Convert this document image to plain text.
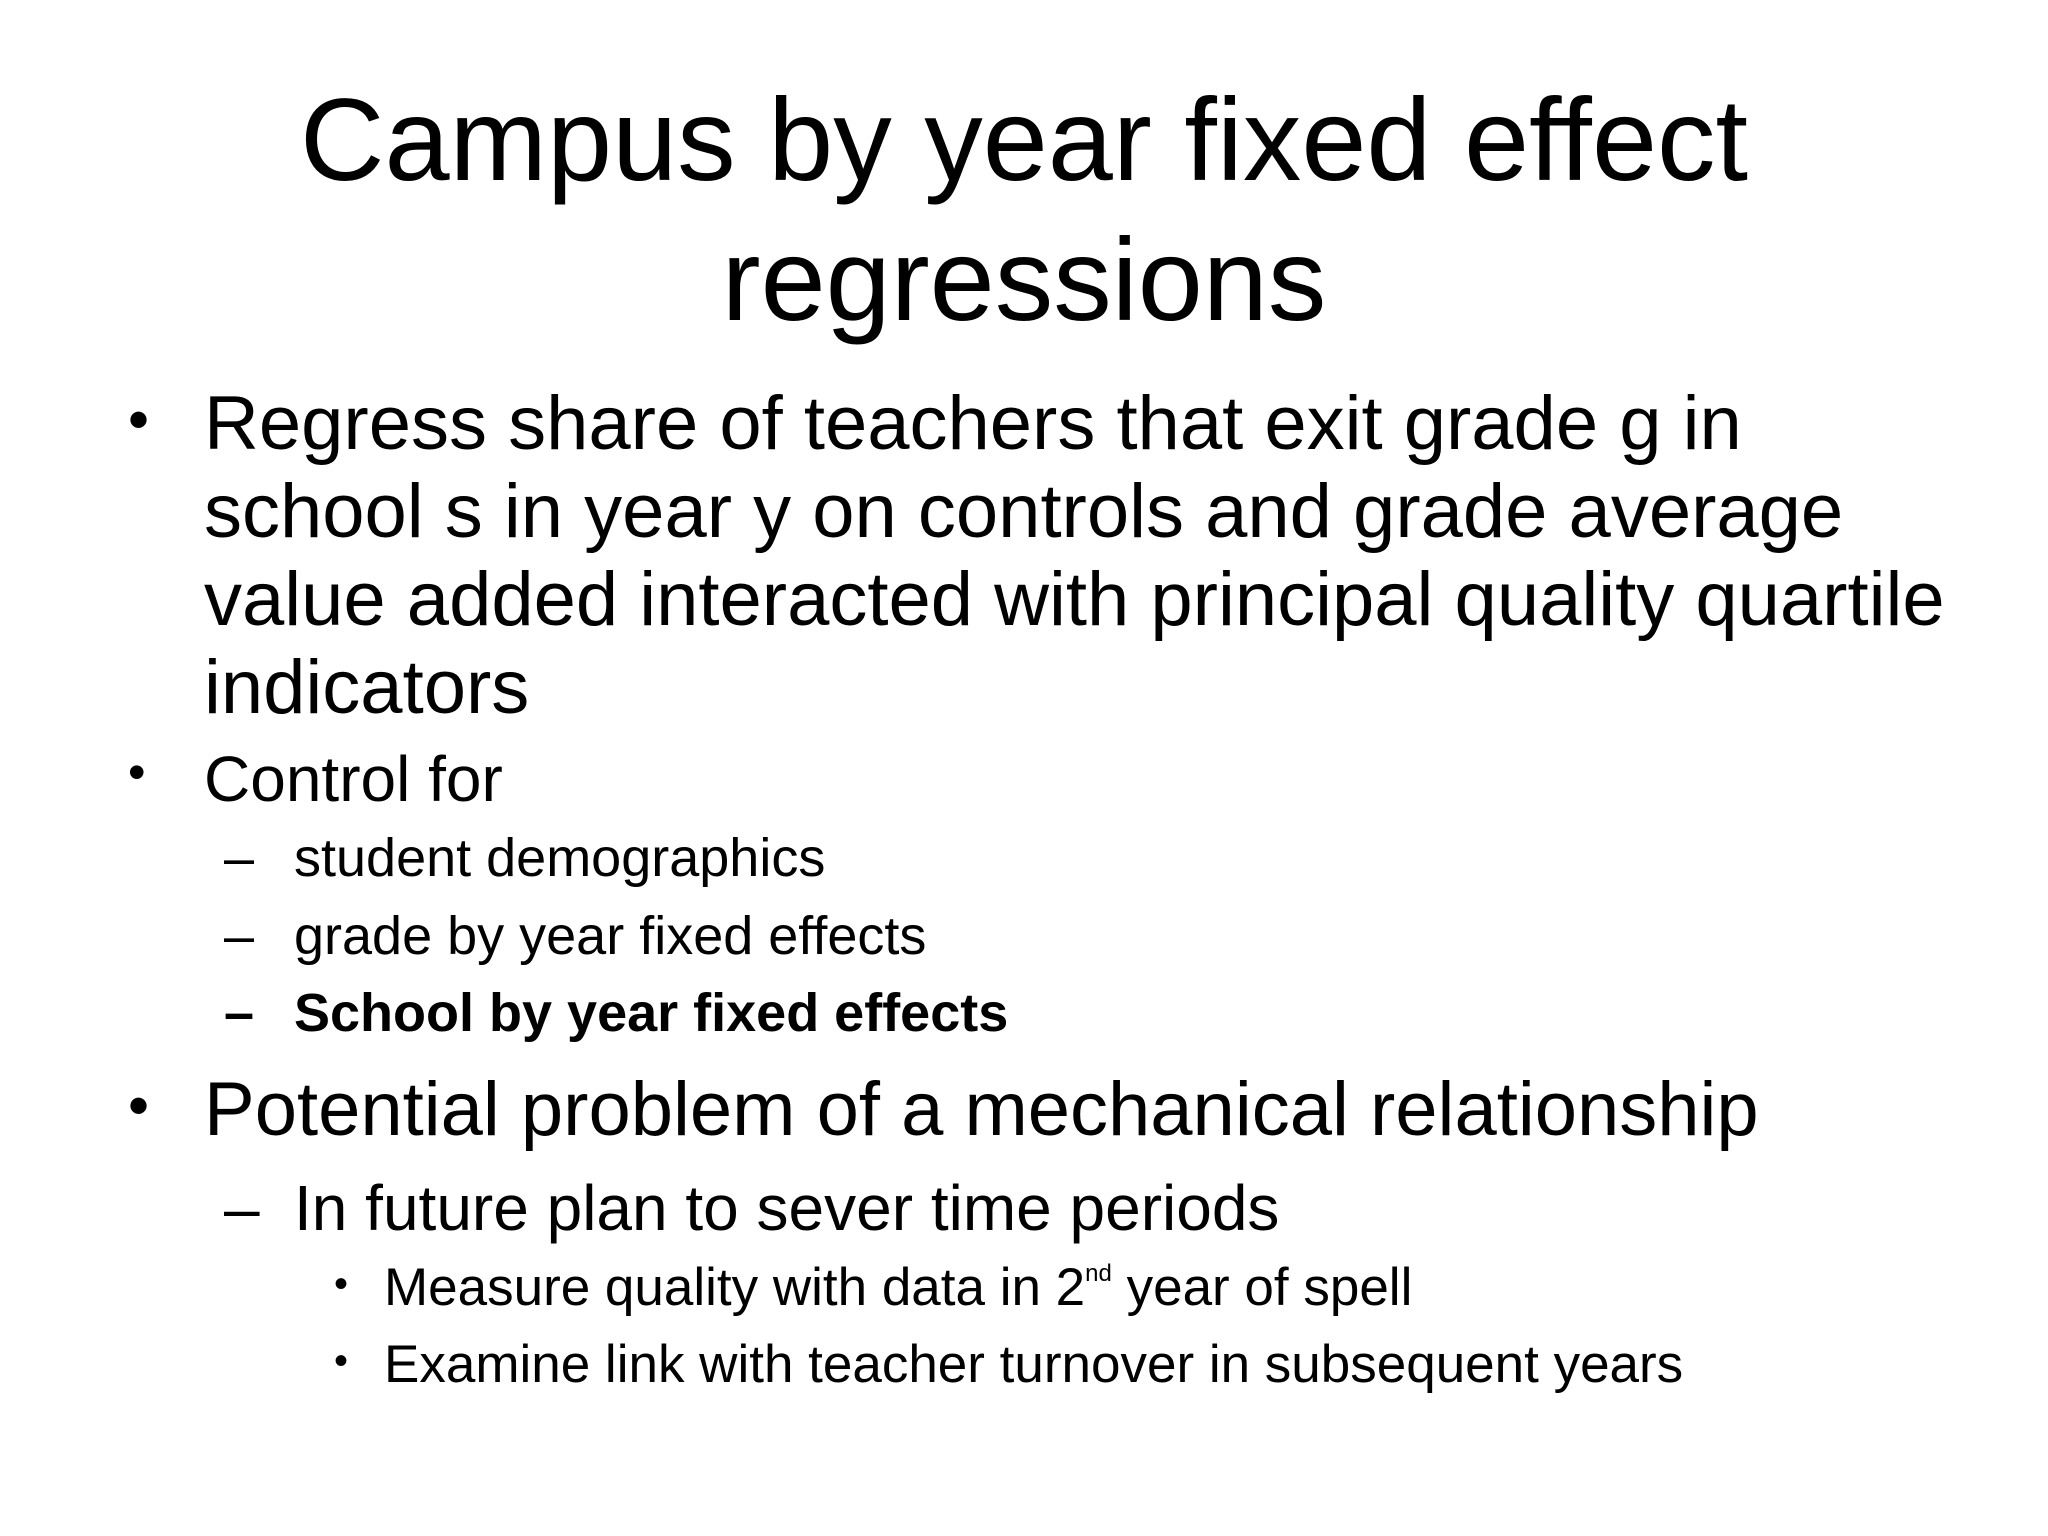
Campus by year fixed effect
regressions
• Regress share of teachers that exit grade g in school s in year y on controls and grade average value added interacted with principal quality quartile indicators
• Control for
– student demographics
– grade by year fixed effects
– School by year fixed effects
• Potential problem of a mechanical relationship
– In future plan to sever time periods
• Measure quality with data in 2nd year of spell
• Examine link with teacher turnover in subsequent years
